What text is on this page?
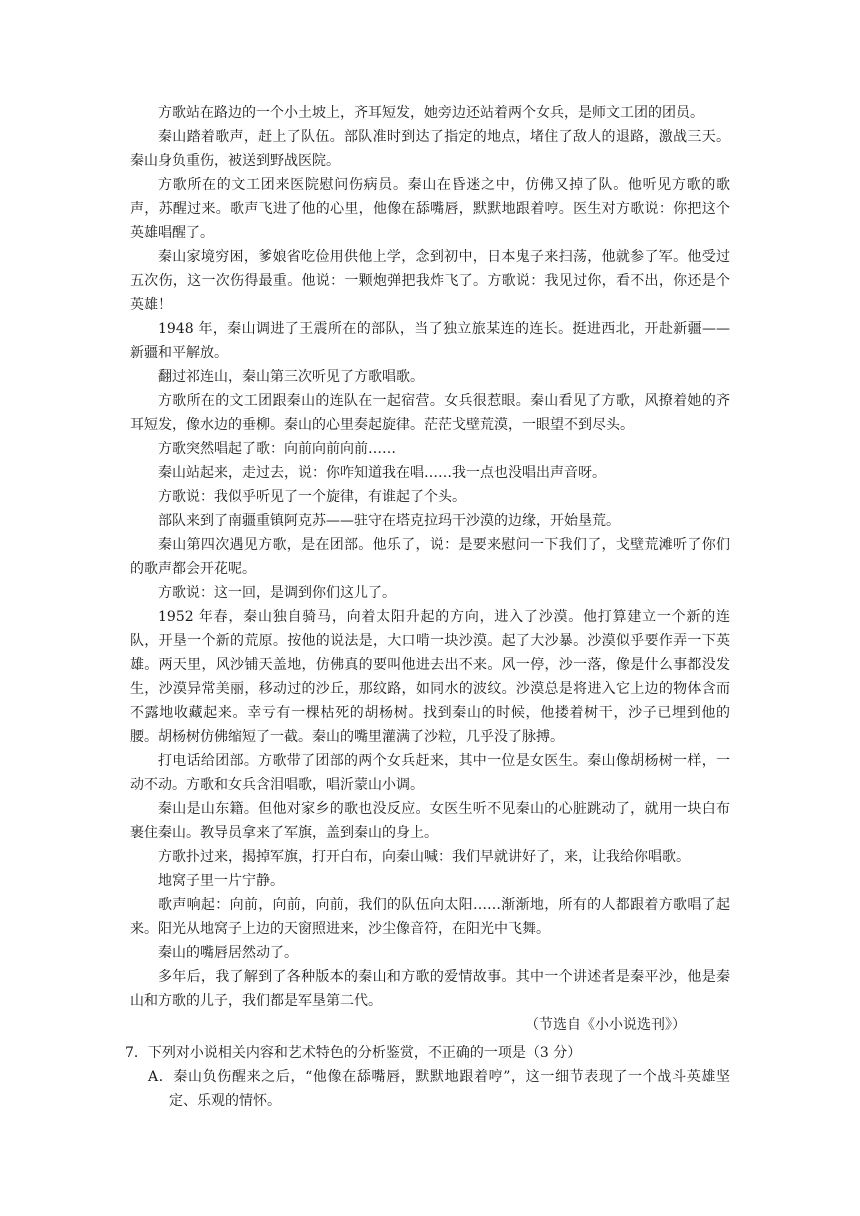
方歌站在路边的一个小土坡上，齐耳短发，她旁边还站着两个女兵，是师文工团的团员。

秦山踏着歌声，赶上了队伍。部队准时到达了指定的地点，堵住了敌人的退路，激战三天。秦山身负重伤，被送到野战医院。

方歌所在的文工团来医院慰问伤病员。秦山在昏迷之中，仿佛又掉了队。他听见方歌的歌声，苏醒过来。歌声飞进了他的心里，他像在舔嘴唇，默默地跟着哼。医生对方歌说：你把这个英雄唱醒了。

秦山家境穷困，爹娘省吃俭用供他上学，念到初中，日本鬼子来扫荡，他就参了军。他受过五次伤，这一次伤得最重。他说：一颗炮弹把我炸飞了。方歌说：我见过你，看不出，你还是个英雄！

1948 年，秦山调进了王震所在的部队，当了独立旅某连的连长。挺进西北，开赴新疆——新疆和平解放。

翻过祁连山，秦山第三次听见了方歌唱歌。

方歌所在的文工团跟秦山的连队在一起宿营。女兵很惹眼。秦山看见了方歌，风撩着她的齐耳短发，像水边的垂柳。秦山的心里奏起旋律。茫茫戈壁荒漠，一眼望不到尽头。

方歌突然唱起了歌：向前向前向前……

秦山站起来，走过去，说：你咋知道我在唱……我一点也没唱出声音呀。

方歌说：我似乎听见了一个旋律，有谁起了个头。

部队来到了南疆重镇阿克苏——驻守在塔克拉玛干沙漠的边缘，开始垦荒。

秦山第四次遇见方歌，是在团部。他乐了，说：是要来慰问一下我们了，戈壁荒滩听了你们的歌声都会开花呢。

方歌说：这一回，是调到你们这儿了。

1952 年春，秦山独自骑马，向着太阳升起的方向，进入了沙漠。他打算建立一个新的连队，开垦一个新的荒原。按他的说法是，大口啃一块沙漠。起了大沙暴。沙漠似乎要作弄一下英雄。两天里，风沙铺天盖地，仿佛真的要叫他进去出不来。风一停，沙一落，像是什么事都没发生，沙漠异常美丽，移动过的沙丘，那纹路，如同水的波纹。沙漠总是将进入它上边的物体含而不露地收藏起来。幸亏有一棵枯死的胡杨树。找到秦山的时候，他搂着树干，沙子已埋到他的腰。胡杨树仿佛缩短了一截。秦山的嘴里灌满了沙粒，几乎没了脉搏。

打电话给团部。方歌带了团部的两个女兵赶来，其中一位是女医生。秦山像胡杨树一样，一动不动。方歌和女兵含泪唱歌，唱沂蒙山小调。

秦山是山东籍。但他对家乡的歌也没反应。女医生听不见秦山的心脏跳动了，就用一块白布裹住秦山。教导员拿来了军旗，盖到秦山的身上。

方歌扑过来，揭掉军旗，打开白布，向秦山喊：我们早就讲好了，来，让我给你唱歌。

地窝子里一片宁静。

歌声响起：向前，向前，向前，我们的队伍向太阳……渐渐地，所有的人都跟着方歌唱了起来。阳光从地窝子上边的天窗照进来，沙尘像音符，在阳光中飞舞。

秦山的嘴唇居然动了。

多年后，我了解到了各种版本的秦山和方歌的爱情故事。其中一个讲述者是秦平沙，他是秦山和方歌的儿子，我们都是军垦第二代。

（节选自《小小说选刊》）

7．下列对小说相关内容和艺术特色的分析鉴赏，不正确的一项是（3 分）

A．秦山负伤醒来之后，“他像在舔嘴唇，默默地跟着哼”，这一细节表现了一个战斗英雄坚定、乐观的情怀。
